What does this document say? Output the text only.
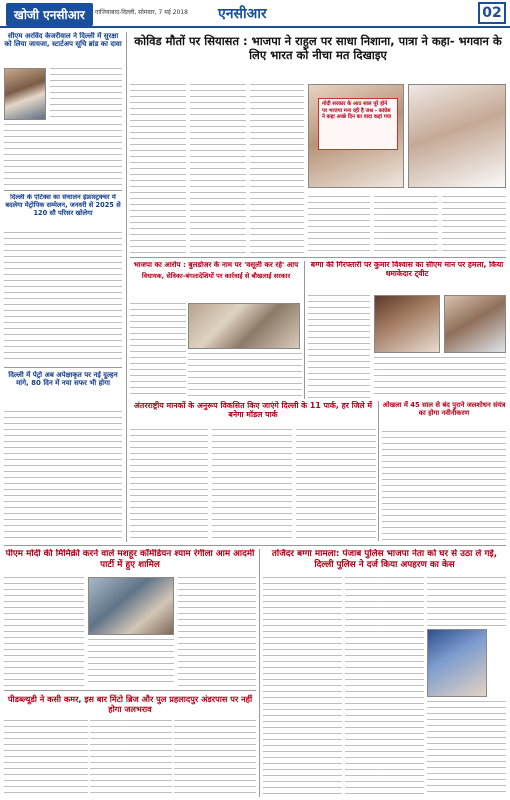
खोजी एनसीआर	गाजियाबाद-दिल्ली, सोमवार, 7 मई 2018 एनसीआर	02
सीएम अरविंद केजरीवाल ने दिल्ली में सुरक्षा को लिया जायजा, स्टार्टअप सूचि ब्रांड का दावा
दिल्ली के एंटिक्स का संचालन इंफ्रास्ट्रक्चर में बदलेगा मेट्रोपिक सम्मेलन, जनवरी से 2025 से 120 सौ परिसर खोलेगा
दिल्ली में पेट्रो अब अपेक्षाकृत पर नई दुल्हन मांगे, 80 दिन में नया सफर भी होगा
कोविड मौतों पर सियासत : भाजपा ने राहुल पर साधा निशाना, पात्रा ने कहा- भगवान के लिए भारत को नीचा मत दिखाइए
मोदी सरकार के आठ साल पूरे होने पर भाजपा मना रही है जश्न - कांग्रेस ने कहा अच्छे दिन का वादा कहां गया
भाजपा का आरोप : बुलडोजर के नाम पर 'वसूली कर रहे' आप
विधायक, सेविका-बंगलादेशियों पर कार्रवाई से बौखलाई सरकार
अंतरराष्ट्रीय मानकों के अनुरूप विकसित किए जाएंगे दिल्ली के 11 पार्क, हर जिले में बनेगा मॉडल पार्क
बग्गा की गिरफ्तारी पर कुमार विश्वास का सीएम मान पर हमला, किया धमाकेदार ट्वीट
ओखला में 45 साल से बंद पुराने जलशोधन संयंत्र का होगा नवीनीकरण
पीएम मोदी की मिमिक्री करने वाले मशहूर कॉमेडियन श्याम रंगीला आम आदमी पार्टी में हुए शामिल
तजिंदर बग्गा मामला: पंजाब पुलिस भाजपा नेता को घर से उठा ले गई, दिल्ली पुलिस ने दर्ज किया अपहरण का केस
पीडब्ल्यूडी ने कसी कमर, इस बार मिंटो ब्रिज और पुल प्रहलादपुर अंडरपास पर नहीं होगा जलभराव
